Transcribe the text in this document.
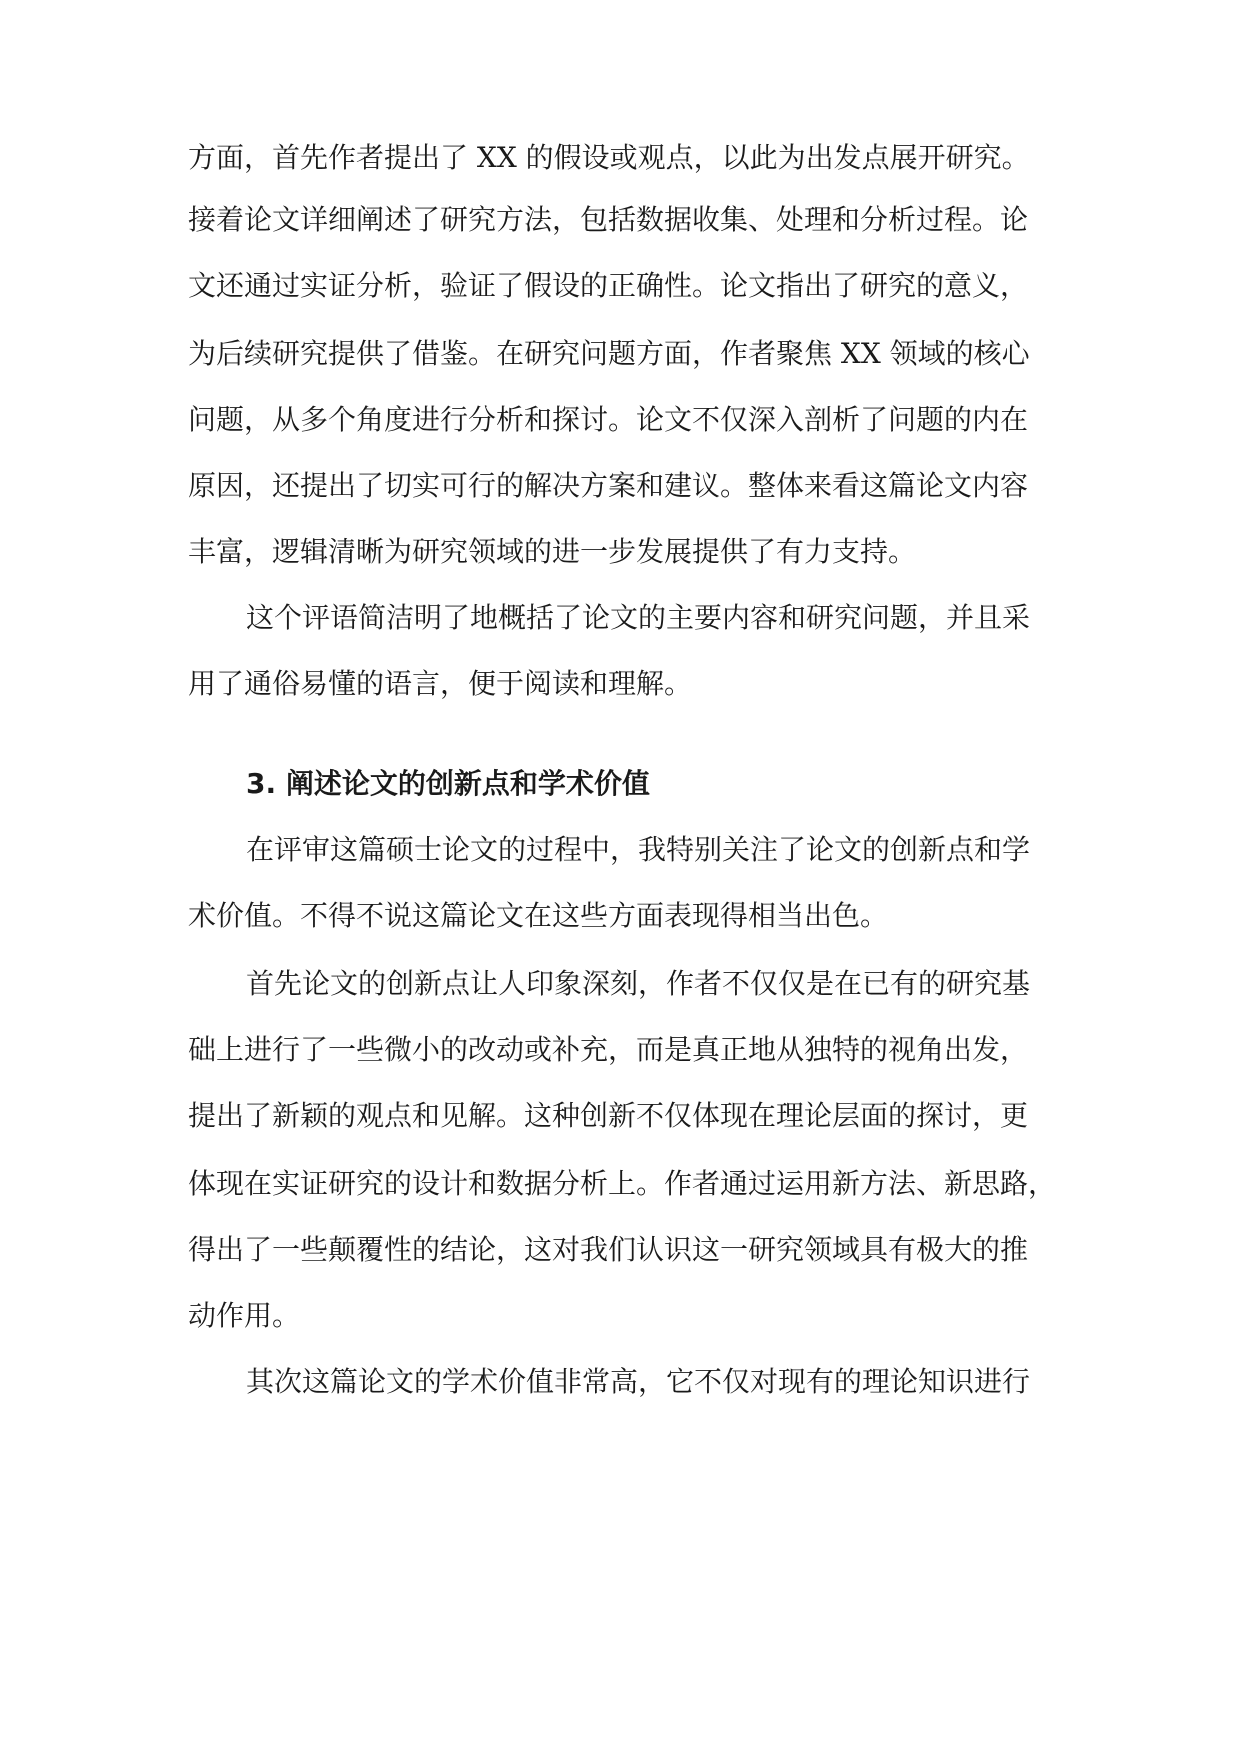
方面，首先作者提出了 XX 的假设或观点，以此为出发点展开研究。
接着论文详细阐述了研究方法，包括数据收集、处理和分析过程。论
文还通过实证分析，验证了假设的正确性。论文指出了研究的意义，
为后续研究提供了借鉴。在研究问题方面，作者聚焦 XX 领域的核心
问题，从多个角度进行分析和探讨。论文不仅深入剖析了问题的内在
原因，还提出了切实可行的解决方案和建议。整体来看这篇论文内容
丰富，逻辑清晰为研究领域的进一步发展提供了有力支持。
这个评语简洁明了地概括了论文的主要内容和研究问题，并且采
用了通俗易懂的语言，便于阅读和理解。
3. 阐述论文的创新点和学术价值
在评审这篇硕士论文的过程中，我特别关注了论文的创新点和学
术价值。不得不说这篇论文在这些方面表现得相当出色。
首先论文的创新点让人印象深刻，作者不仅仅是在已有的研究基
础上进行了一些微小的改动或补充，而是真正地从独特的视角出发，
提出了新颖的观点和见解。这种创新不仅体现在理论层面的探讨，更
体现在实证研究的设计和数据分析上。作者通过运用新方法、新思路，
得出了一些颠覆性的结论，这对我们认识这一研究领域具有极大的推
动作用。
其次这篇论文的学术价值非常高，它不仅对现有的理论知识进行
